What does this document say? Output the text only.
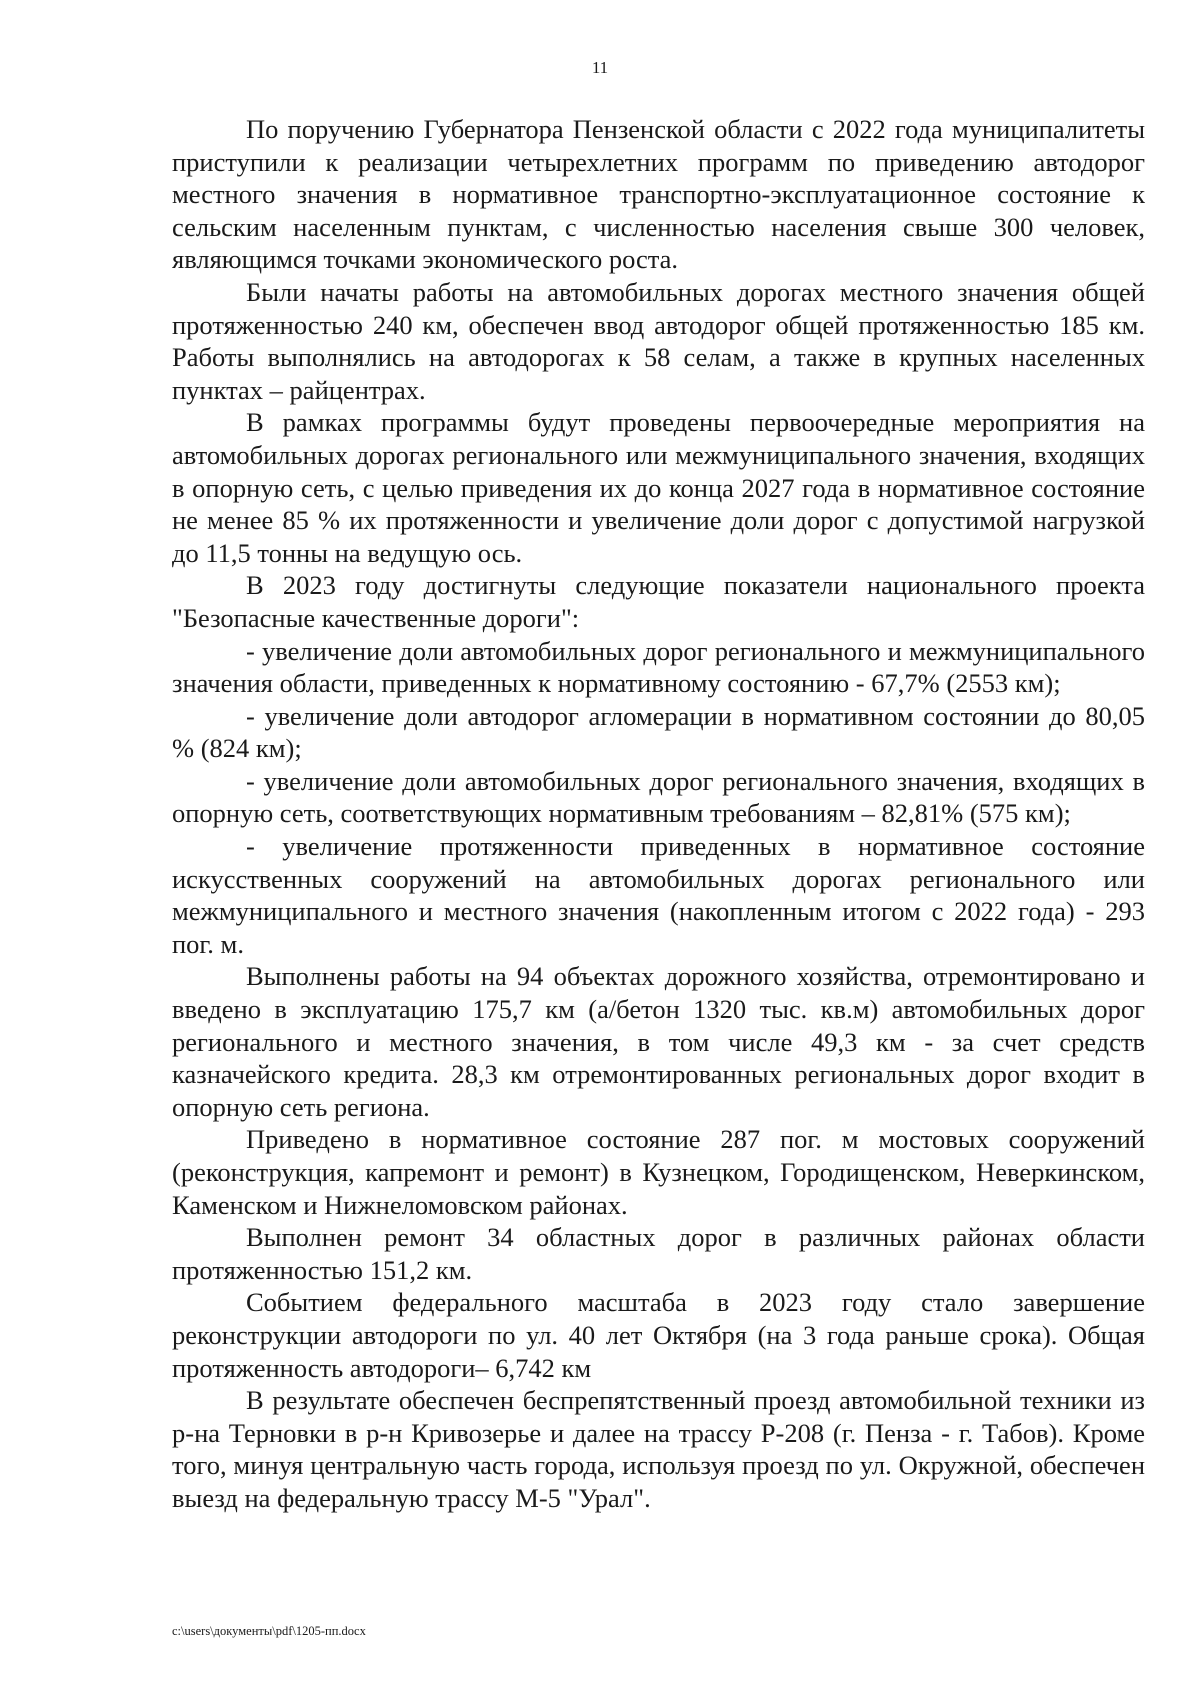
11

По поручению Губернатора Пензенской области с 2022 года муниципалитеты приступили к реализации четырехлетних программ по приведению автодорог местного значения в нормативное транспортно-эксплуатационное состояние к сельским населенным пунктам, с численностью населения свыше 300 человек, являющимся точками экономического роста.

Были начаты работы на автомобильных дорогах местного значения общей протяженностью 240 км, обеспечен ввод автодорог общей протяженностью 185 км. Работы выполнялись на автодорогах к 58 селам, а также в крупных населенных пунктах – райцентрах.

В рамках программы будут проведены первоочередные мероприятия на автомобильных дорогах регионального или межмуниципального значения, входящих в опорную сеть, с целью приведения их до конца 2027 года в нормативное состояние не менее 85 % их протяженности и увеличение доли дорог с допустимой нагрузкой до 11,5 тонны на ведущую ось.

В 2023 году достигнуты следующие показатели национального проекта "Безопасные качественные дороги":

- увеличение доли автомобильных дорог регионального и межмуниципального значения области, приведенных к нормативному состоянию - 67,7% (2553 км);

- увеличение доли автодорог агломерации в нормативном состоянии до 80,05 % (824 км);

- увеличение доли автомобильных дорог регионального значения, входящих в опорную сеть, соответствующих нормативным требованиям – 82,81% (575 км);

- увеличение протяженности приведенных в нормативное состояние искусственных сооружений на автомобильных дорогах регионального или межмуниципального и местного значения (накопленным итогом с 2022 года) - 293 пог. м.

Выполнены работы на 94 объектах дорожного хозяйства, отремонтировано и введено в эксплуатацию 175,7 км (а/бетон 1320 тыс. кв.м) автомобильных дорог регионального и местного значения, в том числе 49,3 км - за счет средств казначейского кредита. 28,3 км отремонтированных региональных дорог входит в опорную сеть региона.

Приведено в нормативное состояние 287 пог. м мостовых сооружений (реконструкция, капремонт и ремонт) в Кузнецком, Городищенском, Неверкинском, Каменском и Нижнеломовском районах.

Выполнен ремонт 34 областных дорог в различных районах области протяженностью 151,2 км.

Событием федерального масштаба в 2023 году стало завершение реконструкции автодороги по ул. 40 лет Октября (на 3 года раньше срока). Общая протяженность автодороги– 6,742 км

В результате обеспечен беспрепятственный проезд автомобильной техники из р-на Терновки в р-н Кривозерье и далее на трассу Р-208 (г. Пенза - г. Табов). Кроме того, минуя центральную часть города, используя проезд по ул. Окружной, обеспечен выезд на федеральную трассу М-5 "Урал".

c:\users\документы\pdf\1205-пп.docx
